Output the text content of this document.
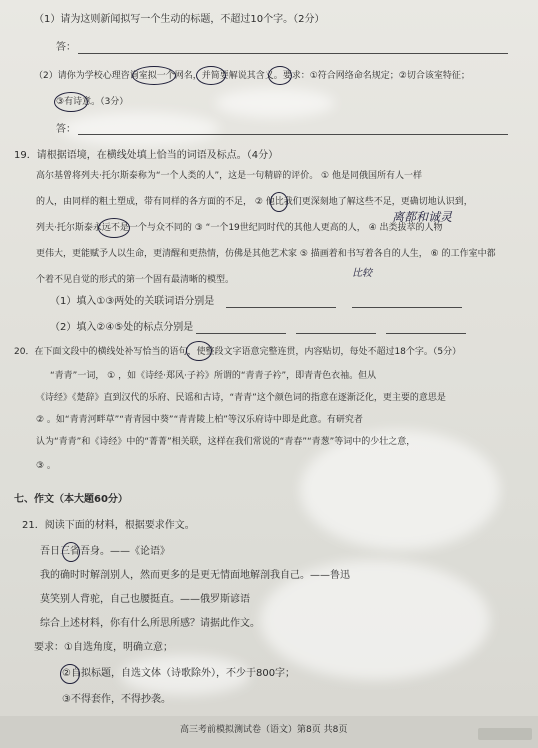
（1）请为这则新闻拟写一个生动的标题，不超过10个字。（2分）
答：
（2）请你为学校心理咨询室拟一个网名，并简要解说其含义。要求：①符合网络命名规定；②切合该室特征；
③有诗意。（3分）
答：
19．请根据语境，在横线处填上恰当的词语及标点。（4分）
高尔基曾将列夫·托尔斯泰称为“一个人类的人”，这是一句精辟的评价。 ① 他是同俄国所有人一样
的人，由同样的粗土塑成，带有同样的各方面的不足， ② 他比我们更深刻地了解这些不足，更确切地认识到，
列夫·托尔斯泰永远不是一个与众不同的 ③ “一个19世纪同时代的其他人更高的人， ④ 出类拔萃的人物
更伟大，更能赋予人以生命，更清醒和更热情，仿佛是其他艺术家 ⑤ 描画着和书写着各自的人生， ⑥ 的工作室中都
个着不见自觉的形式的第一个固有最清晰的模型。
离都和诚灵
比较
（1）填入①③两处的关联词语分别是
（2）填入②④⑤处的标点分别是
20．在下面文段中的横线处补写恰当的语句，使整段文字语意完整连贯，内容贴切，每处不超过18个字。（5分）
“青青”一词， ① ，如《诗经·郑风·子衿》所谓的“青青子衿”，即青青色衣袖。但从
《诗经》《楚辞》直到汉代的乐府、民谣和古诗，“青青”这个颜色词的指意在逐渐泛化，更主要的意思是
② 。如“青青河畔草”“青青园中葵”“青青陵上柏”等汉乐府诗中即是此意。有研究者
认为“青青”和《诗经》中的“菁菁”相关联，这样在我们常说的“青春”“青葱”等词中的少壮之意，
③ 。
七、作文（本大题60分）
21．阅读下面的材料，根据要求作文。
吾日三省吾身。——《论语》
我的确时时解剖别人，然而更多的是更无情面地解剖我自己。——鲁迅
莫笑别人背驼，自己也腰挺直。——俄罗斯谚语
综合上述材料，你有什么所思所感？请据此作文。
要求：①自选角度，明确立意；
②自拟标题，自选文体（诗歌除外），不少于800字；
③不得套作，不得抄袭。
高三考前模拟测试卷（语文）第8页 共8页
